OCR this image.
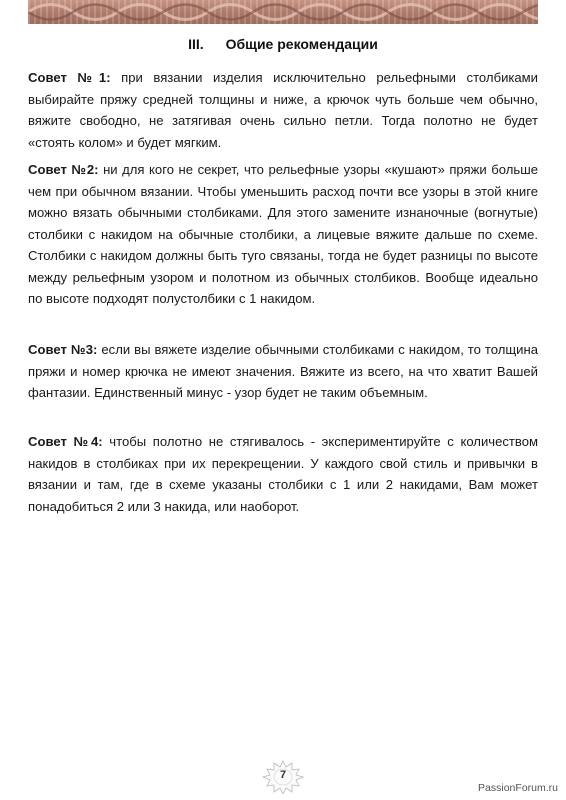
III. Общие рекомендации

Совет №1: при вязании изделия исключительно рельефными столбиками выбирайте пряжу средней толщины и ниже, а крючок чуть больше чем обычно, вяжите свободно, не затягивая очень сильно петли. Тогда полотно не будет «стоять колом» и будет мягким.

Совет №2: ни для кого не секрет, что рельефные узоры «кушают» пряжи больше чем при обычном вязании. Чтобы уменьшить расход почти все узоры в этой книге можно вязать обычными столбиками. Для этого замените изнаночные (вогнутые) столбики с накидом на обычные столбики, а лицевые вяжите дальше по схеме. Столбики с накидом должны быть туго связаны, тогда не будет разницы по высоте между рельефным узором и полотном из обычных столбиков. Вообще идеально по высоте подходят полустолбики с 1 накидом.

Совет №3: если вы вяжете изделие обычными столбиками с накидом, то толщина пряжи и номер крючка не имеют значения. Вяжите из всего, на что хватит Вашей фантазии. Единственный минус - узор будет не таким объемным.

Совет №4: чтобы полотно не стягивалось - экспериментируйте с количеством накидов в столбиках при их перекрещении. У каждого свой стиль и привычки в вязании и там, где в схеме указаны столбики с 1 или 2 накидами, Вам может понадобиться 2 или 3 накида, или наоборот.

7
PassionForum.ru
